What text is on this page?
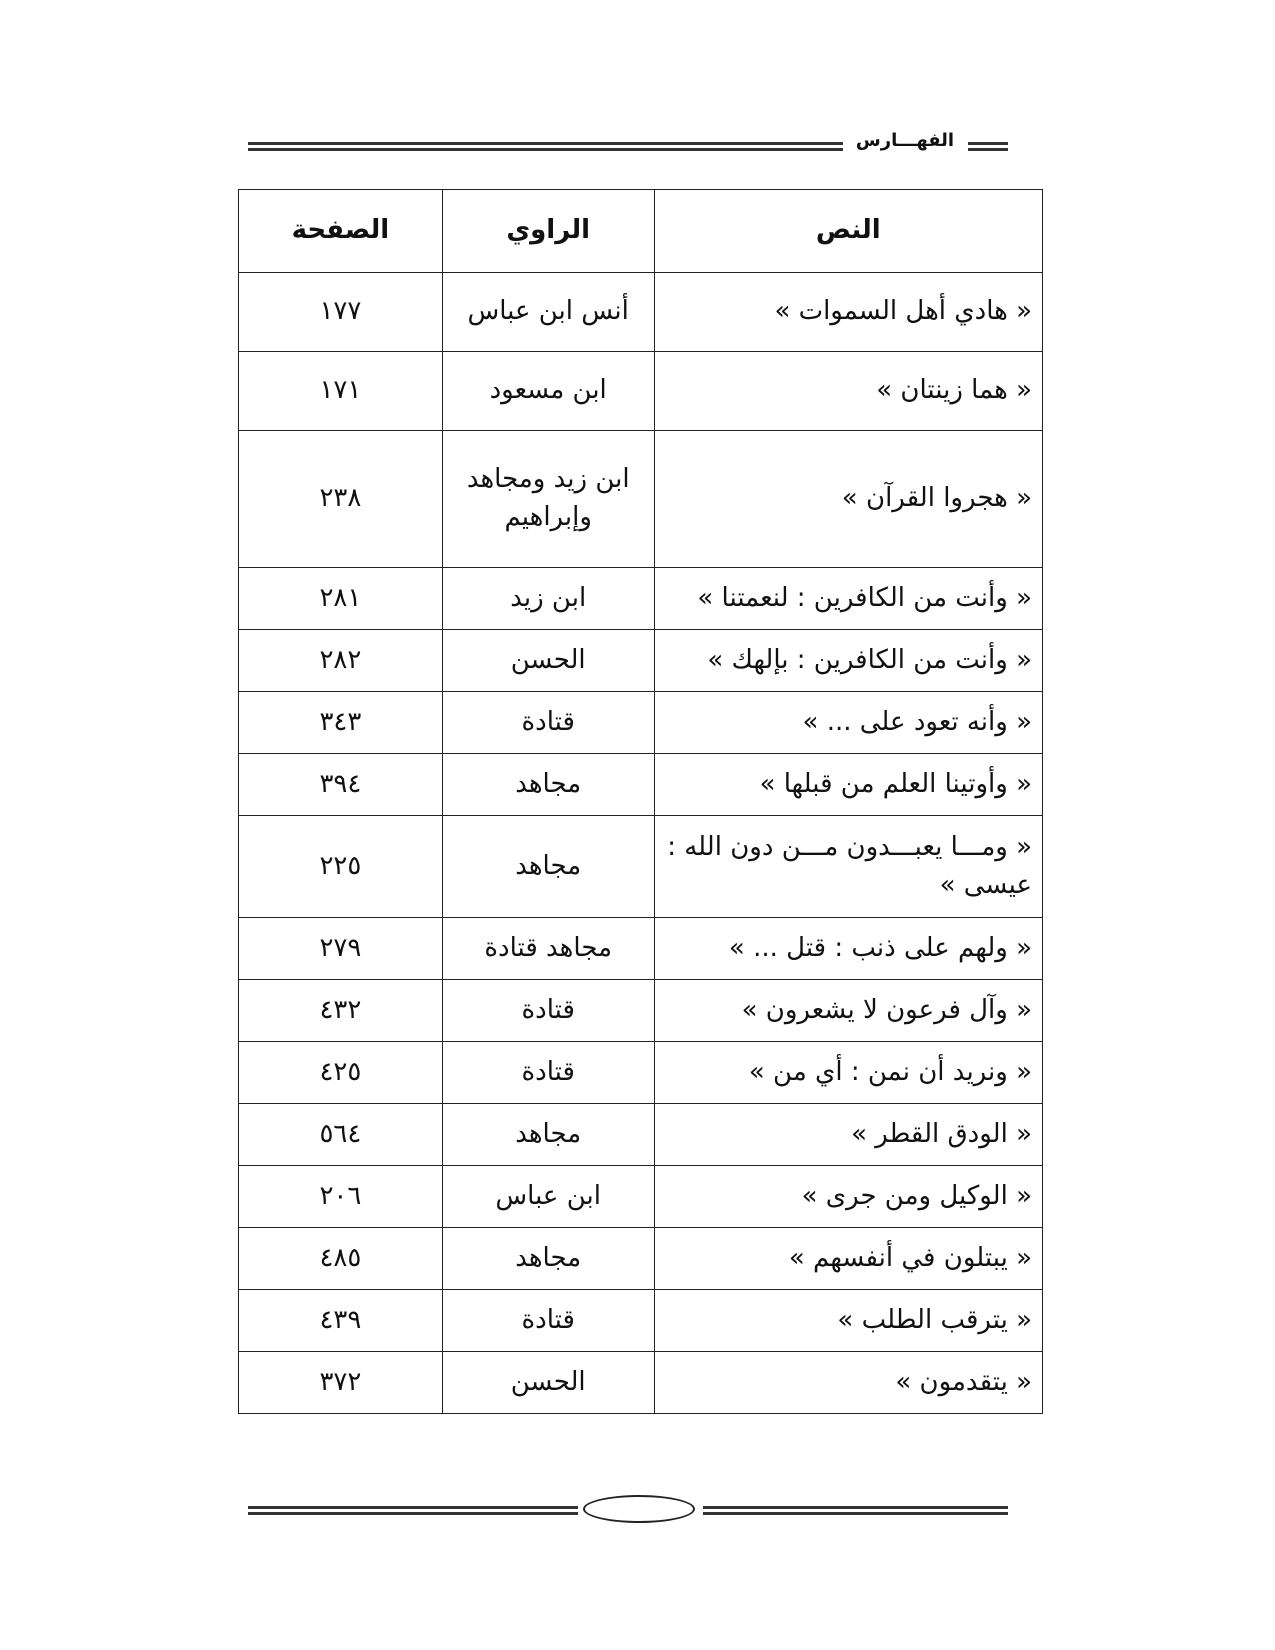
الفهـــارس
النص	الراوي	الصفحة
« هادي أهل السموات »	أنس ابن عباس	١٧٧
« هما زينتان »	ابن مسعود	١٧١
« هجروا القرآن »	ابن زيد ومجاهد وإبراهيم	٢٣٨
« وأنت من الكافرين : لنعمتنا »	ابن زيد	٢٨١
« وأنت من الكافرين : بإلهك »	الحسن	٢٨٢
« وأنه تعود على ... »	قتادة	٣٤٣
« وأوتينا العلم من قبلها »	مجاهد	٣٩٤
« ومـــا يعبـــدون مـــن دون الله : عيسى »	مجاهد	٢٢٥
« ولهم على ذنب : قتل ... »	مجاهد قتادة	٢٧٩
« وآل فرعون لا يشعرون »	قتادة	٤٣٢
« ونريد أن نمن : أي من »	قتادة	٤٢٥
« الودق القطر »	مجاهد	٥٦٤
« الوكيل ومن جرى »	ابن عباس	٢٠٦
« يبتلون في أنفسهم »	مجاهد	٤٨٥
« يترقب الطلب »	قتادة	٤٣٩
« يتقدمون »	الحسن	٣٧٢
